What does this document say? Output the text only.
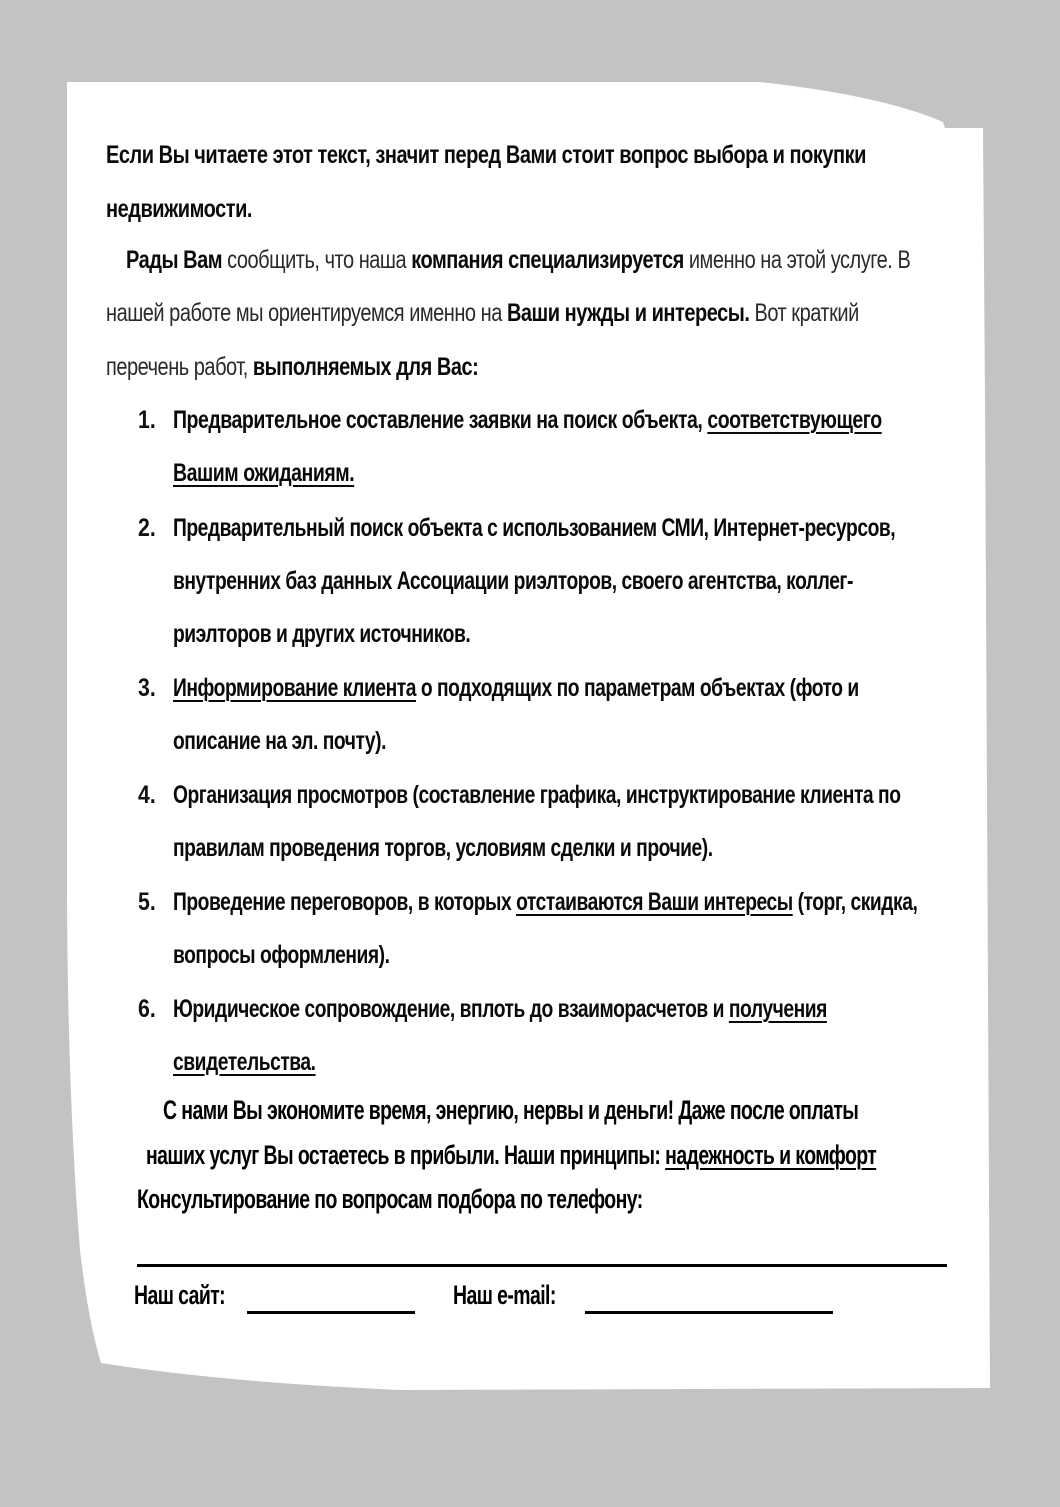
Если Вы читаете этот текст, значит перед Вами стоит вопрос выбора и покупки
недвижимости.
Рады Вам сообщить, что наша компания специализируется именно на этой услуге. В
нашей работе мы ориентируемся именно на Ваши нужды и интересы. Вот краткий
перечень работ, выполняемых для Вас:
1. Предварительное составление заявки на поиск объекта, соответствующего
Вашим ожиданиям.
2. Предварительный поиск объекта с использованием СМИ, Интернет-ресурсов,
внутренних баз данных Ассоциации риэлторов, своего агентства, коллег-
риэлторов и других источников.
3. Информирование клиента о подходящих по параметрам объектах (фото и
описание на эл. почту).
4. Организация просмотров (составление графика, инструктирование клиента по
правилам проведения торгов, условиям сделки и прочие).
5. Проведение переговоров, в которых отстаиваются Ваши интересы (торг, скидка,
вопросы оформления).
6. Юридическое сопровождение, вплоть до взаиморасчетов и получения
свидетельства.
С нами Вы экономите время, энергию, нервы и деньги! Даже после оплаты
наших услуг Вы остаетесь в прибыли. Наши принципы: надежность и комфорт
Консультирование по вопросам подбора по телефону:
Наш сайт:	Наш e-mail:
